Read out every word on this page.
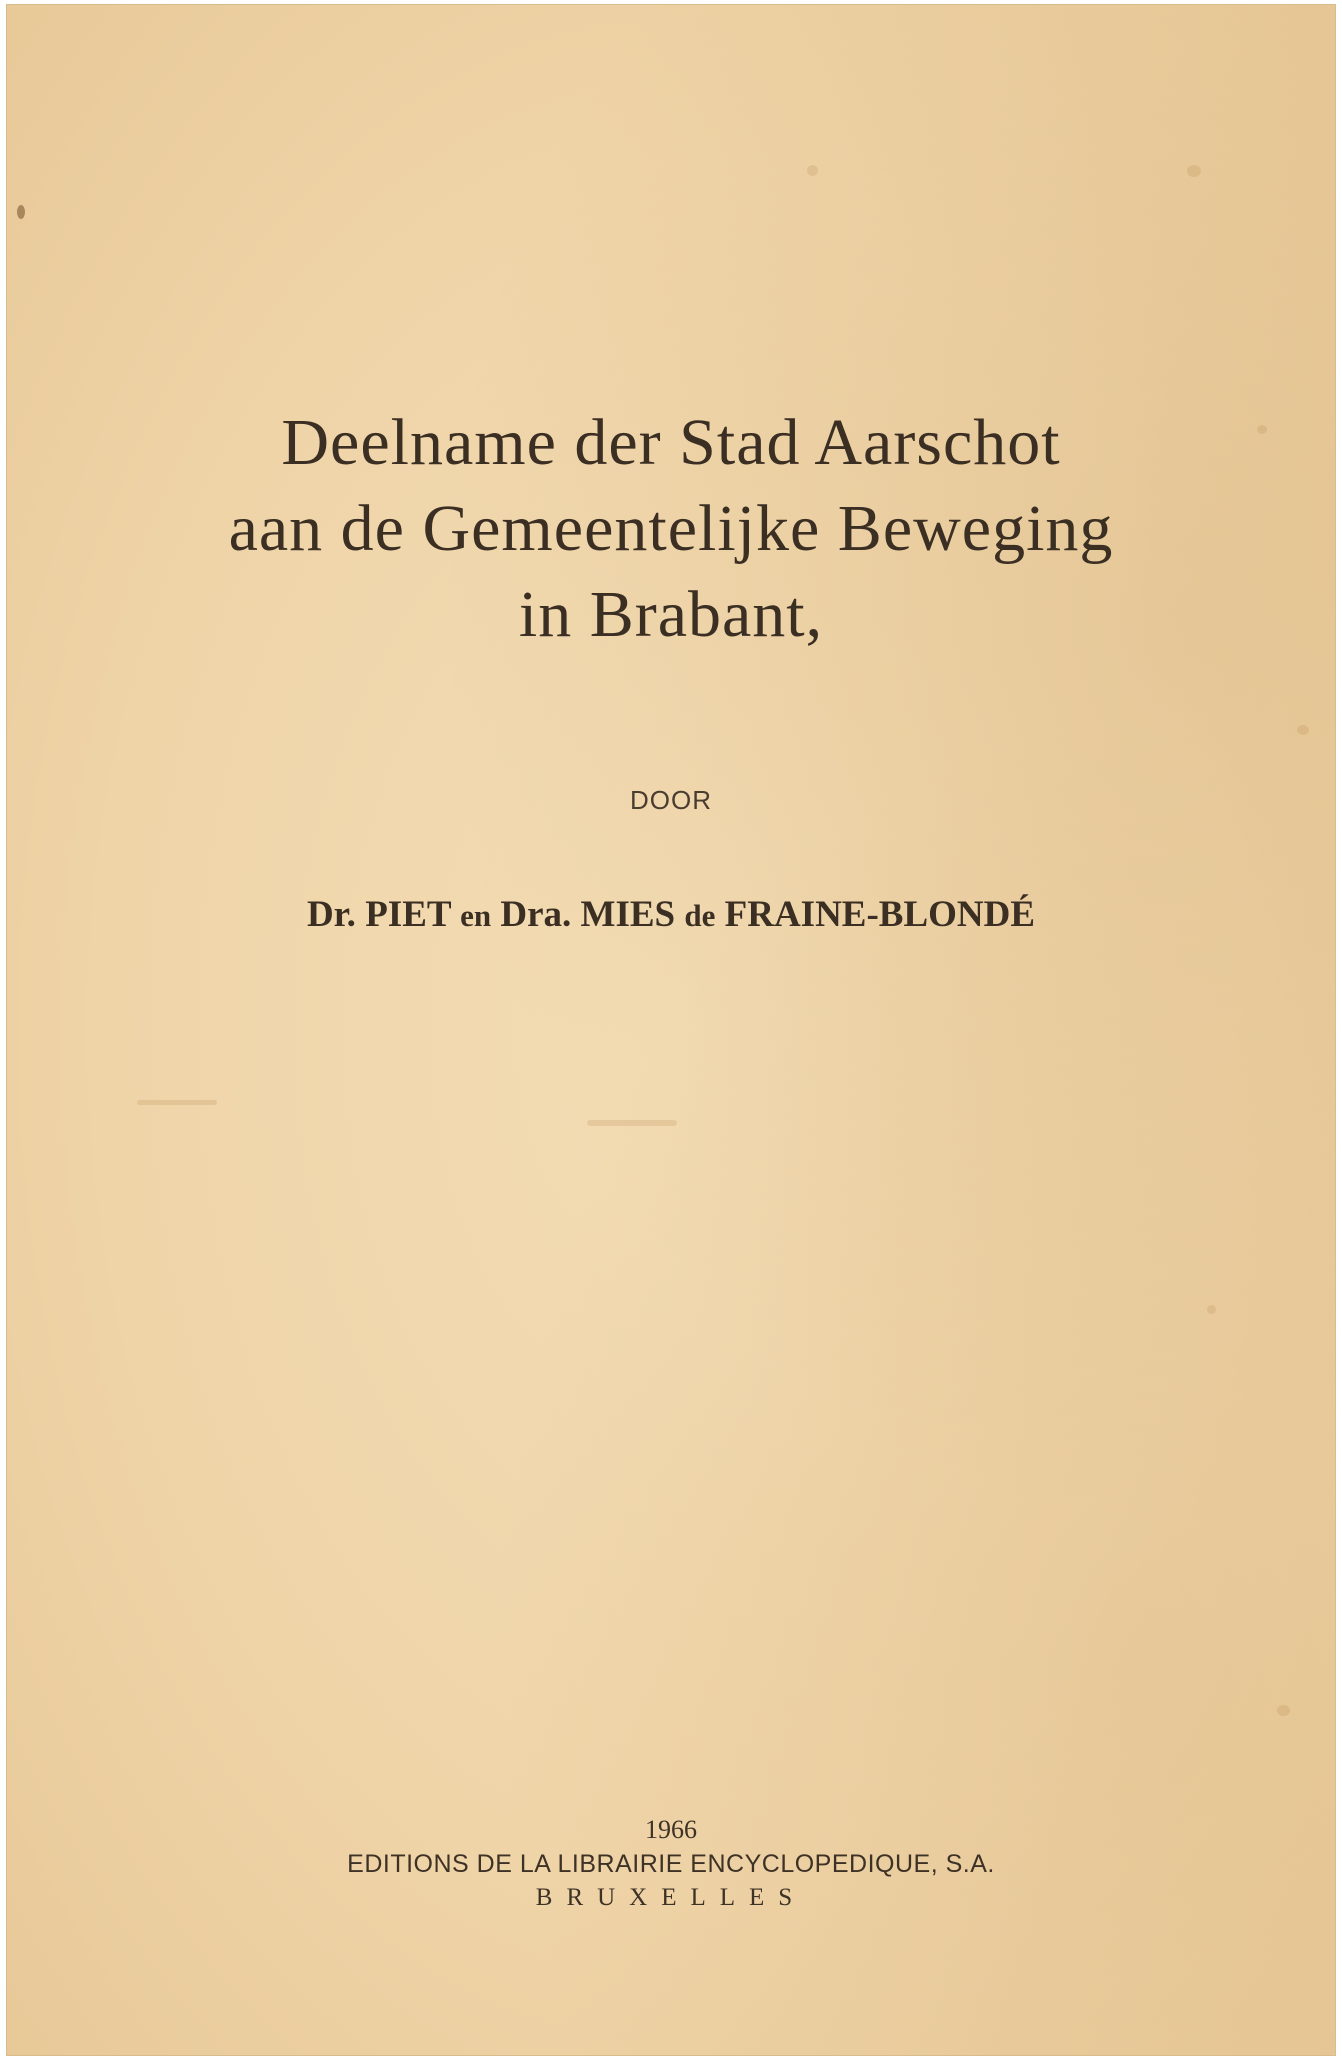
Deelname der Stad Aarschot
aan de Gemeentelijke Beweging
in Brabant,
DOOR
Dr. PIET en Dra. MIES de FRAINE-BLONDÉ
1966
EDITIONS DE LA LIBRAIRIE ENCYCLOPEDIQUE, S.A.
BRUXELLES
